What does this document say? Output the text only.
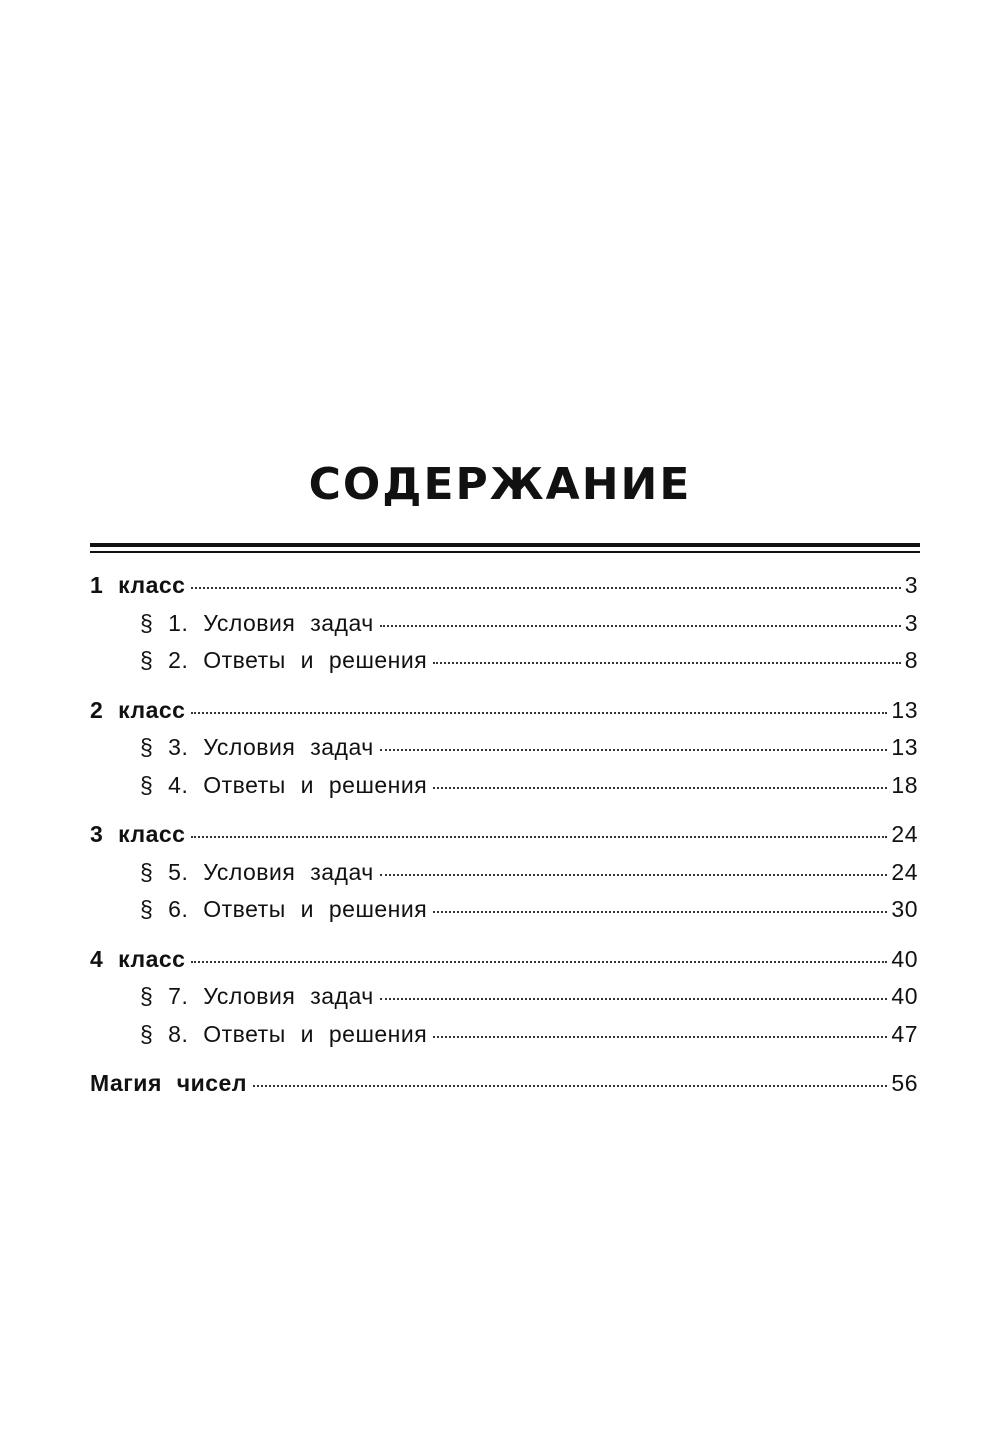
СОДЕРЖАНИЕ
1 класс	3
§ 1. Условия задач	3
§ 2. Ответы и решения	8
2 класс	13
§ 3. Условия задач	13
§ 4. Ответы и решения	18
3 класс	24
§ 5. Условия задач	24
§ 6. Ответы и решения	30
4 класс	40
§ 7. Условия задач	40
§ 8. Ответы и решения	47
Магия чисел	56
